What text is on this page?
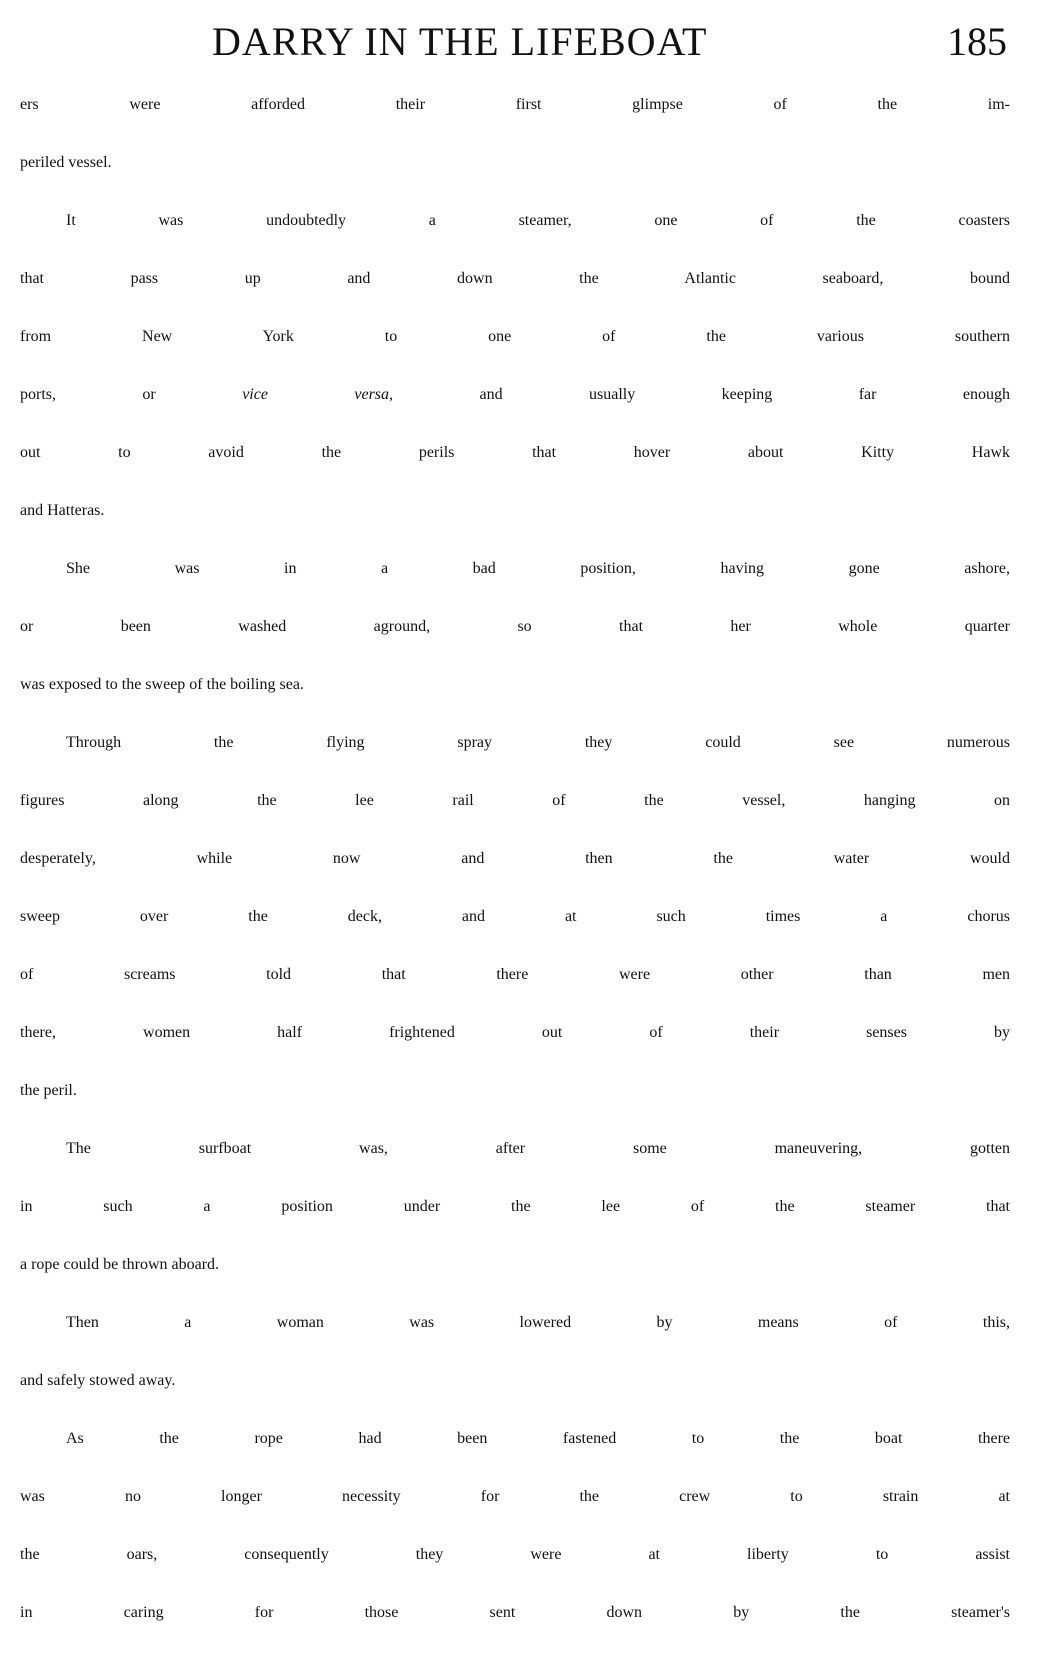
DARRY IN THE LIFEBOAT	185
ers were afforded their first glimpse of the im-
periled vessel.
It was undoubtedly a steamer, one of the coasters
that pass up and down the Atlantic seaboard, bound
from New York to one of the various southern
ports, or vice versa, and usually keeping far enough
out to avoid the perils that hover about Kitty Hawk
and Hatteras.
She was in a bad position, having gone ashore,
or been washed aground, so that her whole quarter
was exposed to the sweep of the boiling sea.
Through the flying spray they could see numerous
figures along the lee rail of the vessel, hanging on
desperately, while now and then the water would
sweep over the deck, and at such times a chorus
of screams told that there were other than men
there, women half frightened out of their senses by
the peril.
The surfboat was, after some maneuvering, gotten
in such a position under the lee of the steamer that
a rope could be thrown aboard.
Then a woman was lowered by means of this,
and safely stowed away.
As the rope had been fastened to the boat there
was no longer necessity for the crew to strain at
the oars, consequently they were at liberty to assist
in caring for those sent down by the steamer's
